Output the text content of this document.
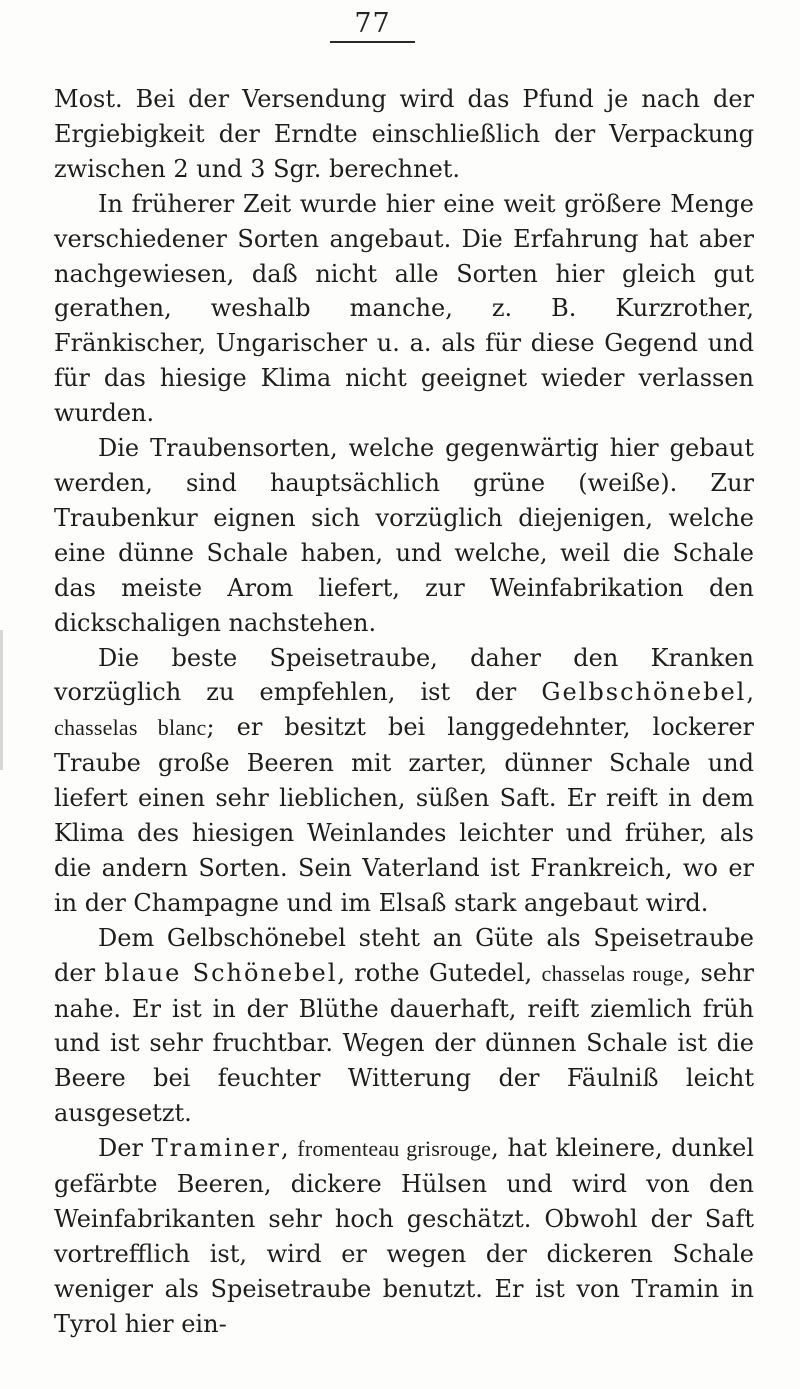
77

Most. Bei der Versendung wird das Pfund je nach der Ergiebigkeit der Erndte einschließlich der Verpackung zwischen 2 und 3 Sgr. berechnet.

In früherer Zeit wurde hier eine weit größere Menge verschiedener Sorten angebaut. Die Erfahrung hat aber nachgewiesen, daß nicht alle Sorten hier gleich gut gerathen, weshalb manche, z. B. Kurzrother, Fränkischer, Ungarischer u. a. als für diese Gegend und für das hiesige Klima nicht geeignet wieder verlassen wurden.

Die Traubensorten, welche gegenwärtig hier gebaut werden, sind hauptsächlich grüne (weiße). Zur Traubenkur eignen sich vorzüglich diejenigen, welche eine dünne Schale haben, und welche, weil die Schale das meiste Arom liefert, zur Weinfabrikation den dickschaligen nachstehen.

Die beste Speisetraube, daher den Kranken vorzüglich zu empfehlen, ist der Gelbschönebel, chasselas blanc; er besitzt bei langgedehnter, lockerer Traube große Beeren mit zarter, dünner Schale und liefert einen sehr lieblichen, süßen Saft. Er reift in dem Klima des hiesigen Weinlandes leichter und früher, als die andern Sorten. Sein Vaterland ist Frankreich, wo er in der Champagne und im Elsaß stark angebaut wird.

Dem Gelbschönebel steht an Güte als Speisetraube der blaue Schönebel, rothe Gutedel, chasselas rouge, sehr nahe. Er ist in der Blüthe dauerhaft, reift ziemlich früh und ist sehr fruchtbar. Wegen der dünnen Schale ist die Beere bei feuchter Witterung der Fäulniß leicht ausgesetzt.

Der Traminer, fromenteau grisrouge, hat kleinere, dunkel gefärbte Beeren, dickere Hülsen und wird von den Weinfabrikanten sehr hoch geschätzt. Obwohl der Saft vortrefflich ist, wird er wegen der dickeren Schale weniger als Speisetraube benutzt. Er ist von Tramin in Tyrol hier ein-
